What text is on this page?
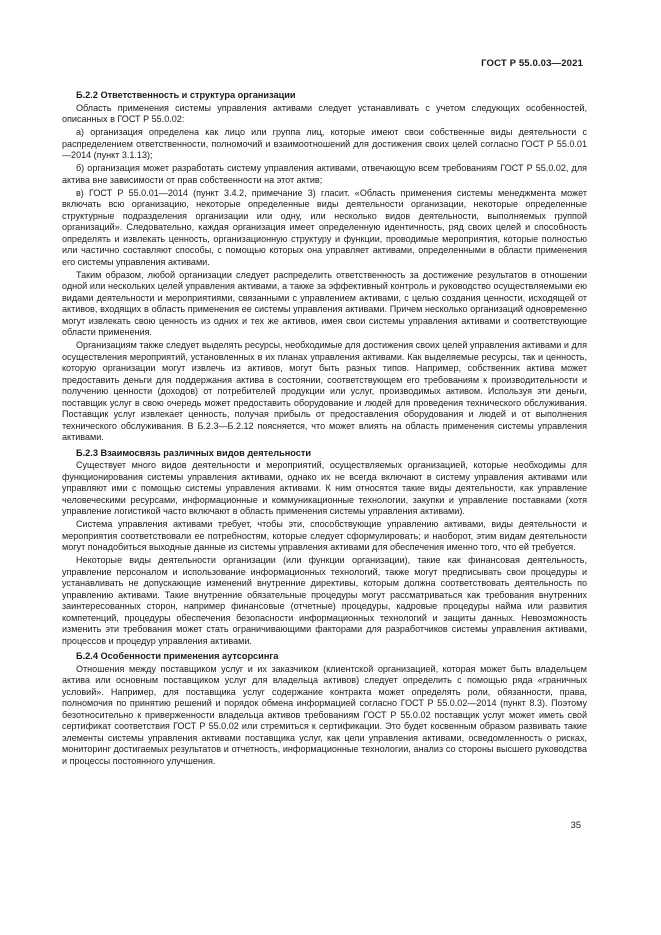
ГОСТ Р 55.0.03—2021
Б.2.2 Ответственность и структура организации

Область применения системы управления активами следует устанавливать с учетом следующих особенностей, описанных в ГОСТ Р 55.0.02:

а) организация определена как лицо или группа лиц, которые имеют свои собственные виды деятельности с распределением ответственности, полномочий и взаимоотношений для достижения своих целей согласно ГОСТ Р 55.0.01—2014 (пункт 3.1.13);

б) организация может разработать систему управления активами, отвечающую всем требованиям ГОСТ Р 55.0.02, для актива вне зависимости от прав собственности на этот актив;

в) ГОСТ Р 55.0.01—2014 (пункт 3.4.2, примечание 3) гласит. «Область применения системы менеджмента может включать всю организацию, некоторые определенные виды деятельности организации, некоторые определенные структурные подразделения организации или одну, или несколько видов деятельности, выполняемых группой организаций». Следовательно, каждая организация имеет определенную идентичность, ряд своих целей и способность определять и извлекать ценность, организационную структуру и функции, проводимые мероприятия, которые полностью или частично составляют способы, с помощью которых она управляет активами, определенными в области применения его системы управления активами.

Таким образом, любой организации следует распределить ответственность за достижение результатов в отношении одной или нескольких целей управления активами, а также за эффективный контроль и руководство осуществляемыми ею видами деятельности и мероприятиями, связанными с управлением активами, с целью создания ценности, исходящей от активов, входящих в область применения ее системы управления активами. Причем несколько организаций одновременно могут извлекать свою ценность из одних и тех же активов, имея свои системы управления активами и соответствующие области применения.

Организациям также следует выделять ресурсы, необходимые для достижения своих целей управления активами и для осуществления мероприятий, установленных в их планах управления активами. Как выделяемые ресурсы, так и ценность, которую организации могут извлечь из активов, могут быть разных типов. Например, собственник актива может предоставить деньги для поддержания актива в состоянии, соответствующем его требованиям к производительности и получению ценности (доходов) от потребителей продукции или услуг, производимых активом. Используя эти деньги, поставщик услуг в свою очередь может предоставить оборудование и людей для проведения технического обслуживания. Поставщик услуг извлекает ценность, получая прибыль от предоставления оборудования и людей и от выполнения технического обслуживания. В Б.2.3—Б.2.12 поясняется, что может влиять на область применения системы управления активами.

Б.2.3 Взаимосвязь различных видов деятельности

Существует много видов деятельности и мероприятий, осуществляемых организацией, которые необходимы для функционирования системы управления активами, однако их не всегда включают в систему управления активами или управляют ими с помощью системы управления активами. К ним относятся такие виды деятельности, как управление человеческими ресурсами, информационные и коммуникационные технологии, закупки и управление поставками (хотя управление логистикой часто включают в область применения системы управления активами).

Система управления активами требует, чтобы эти, способствующие управлению активами, виды деятельности и мероприятия соответствовали ее потребностям, которые следует сформулировать; и наоборот, этим видам деятельности могут понадобиться выходные данные из системы управления активами для обеспечения именно того, что ей требуется.

Некоторые виды деятельности организации (или функции организации), такие как финансовая деятельность, управление персоналом и использование информационных технологий, также могут предписывать свои процедуры и устанавливать не допускающие изменений внутренние директивы, которым должна соответствовать деятельность по управлению активами. Такие внутренние обязательные процедуры могут рассматриваться как требования внутренних заинтересованных сторон, например финансовые (отчетные) процедуры, кадровые процедуры найма или развития компетенций, процедуры обеспечения безопасности информационных технологий и защиты данных. Невозможность изменить эти требования может стать ограничивающими факторами для разработчиков системы управления активами, процессов и процедур управления активами.

Б.2.4 Особенности применения аутсорсинга

Отношения между поставщиком услуг и их заказчиком (клиентской организацией, которая может быть владельцем актива или основным поставщиком услуг для владельца активов) следует определить с помощью ряда «граничных условий». Например, для поставщика услуг содержание контракта может определять роли, обязанности, права, полномочия по принятию решений и порядок обмена информацией согласно ГОСТ Р 55.0.02—2014 (пункт 8.3). Поэтому безотносительно к приверженности владельца активов требованиям ГОСТ Р 55.0.02 поставщик услуг может иметь свой сертификат соответствия ГОСТ Р 55.0.02 или стремиться к сертификации. Это будет косвенным образом развивать такие элементы системы управления активами поставщика услуг, как цели управления активами, осведомленность о рисках, мониторинг достигаемых результатов и отчетность, информационные технологии, анализ со стороны высшего руководства и процессы постоянного улучшения.

35
